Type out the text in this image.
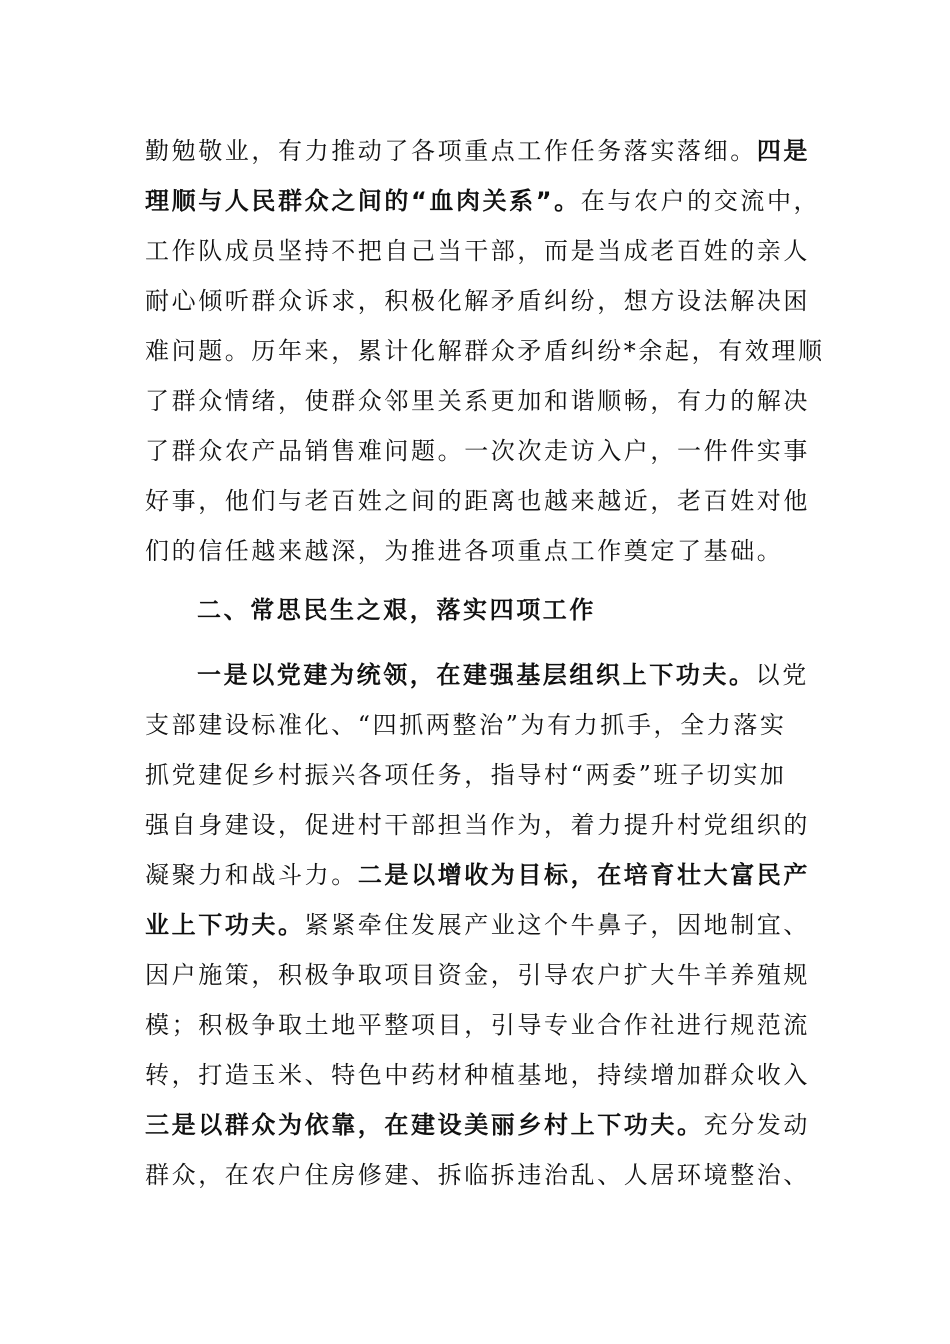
勤勉敬业，有力推动了各项重点工作任务落实落细。四是
理顺与人民群众之间的“血肉关系”。在与农户的交流中，
工作队成员坚持不把自己当干部，而是当成老百姓的亲人
耐心倾听群众诉求，积极化解矛盾纠纷，想方设法解决困
难问题。历年来，累计化解群众矛盾纠纷*余起，有效理顺
了群众情绪，使群众邻里关系更加和谐顺畅，有力的解决
了群众农产品销售难问题。一次次走访入户，一件件实事
好事，他们与老百姓之间的距离也越来越近，老百姓对他
们的信任越来越深，为推进各项重点工作奠定了基础。
二、常思民生之艰，落实四项工作
一是以党建为统领，在建强基层组织上下功夫。以党
支部建设标准化、“四抓两整治”为有力抓手，全力落实
抓党建促乡村振兴各项任务，指导村“两委”班子切实加
强自身建设，促进村干部担当作为，着力提升村党组织的
凝聚力和战斗力。二是以增收为目标，在培育壮大富民产
业上下功夫。紧紧牵住发展产业这个牛鼻子，因地制宜、
因户施策，积极争取项目资金，引导农户扩大牛羊养殖规
模；积极争取土地平整项目，引导专业合作社进行规范流
转，打造玉米、特色中药材种植基地，持续增加群众收入
三是以群众为依靠，在建设美丽乡村上下功夫。充分发动
群众，在农户住房修建、拆临拆违治乱、人居环境整治、
